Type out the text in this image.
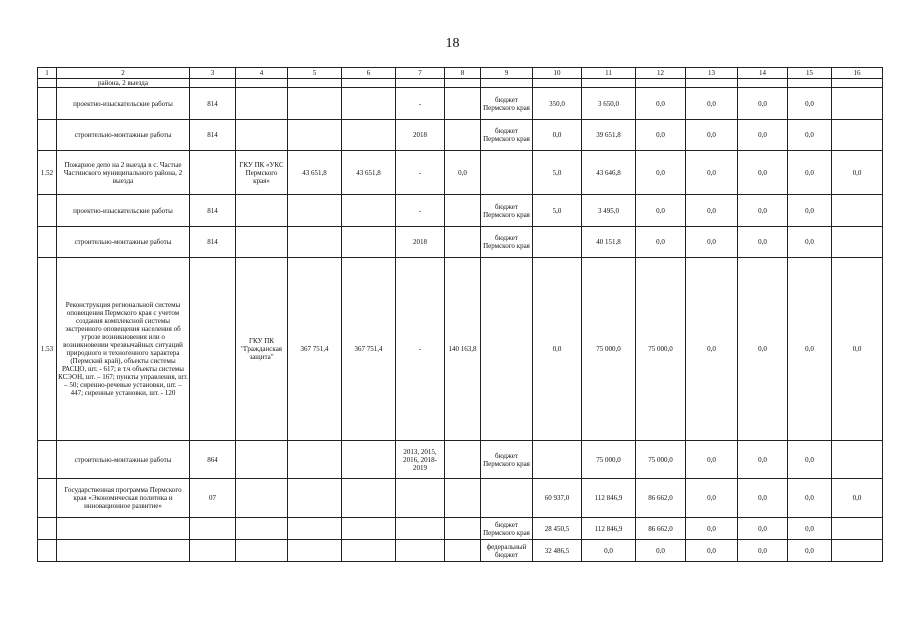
18
1	2	3	4	5	6	7	8	9	10	11	12	13	14	15	16
	района, 2 выезда														
	проектно-изыскательские работы	814				-		бюджет Пермского края	350,0	3 650,0	0,0	0,0	0,0	0,0	
	строительно-монтажные работы	814				2018		бюджет Пермского края	0,0	39 651,8	0,0	0,0	0,0	0,0	
1.52	Пожарное депо на 2 выезда в с. Частые Частинского муниципального района, 2 выезда		ГКУ ПК «УКС Пермского края»	43 651,8	43 651,8	-	0,0		5,0	43 646,8	0,0	0,0	0,0	0,0	0,0
	проектно-изыскательские работы	814				-		бюджет Пермского края	5,0	3 495,0	0,0	0,0	0,0	0,0	
	строительно-монтажные работы	814				2018		бюджет Пермского края		40 151,8	0,0	0,0	0,0	0,0	
1.53	Реконструкция региональной системы оповещения Пермского края с учетом создания комплексной системы экстренного оповещения населения об угрозе возникновения или о возникновении чрезвычайных ситуаций природного и техногенного характера (Пермский край), объекты системы РАСЦО, шт. - 617; в т.ч объекты системы КСЭОН, шт. – 167; пункты управления, шт. – 50; сиренно-речевые установки, шт. – 447; сиренные установки, шт. - 120		ГКУ ПК "Гражданская защита"	367 751,4	367 751,4	-	140 163,8		0,0	75 000,0	75 000,0	0,0	0,0	0,0	0,0
	строительно-монтажные работы	864				2013, 2015, 2016, 2018-2019		бюджет Пермского края		75 000,0	75 000,0	0,0	0,0	0,0	
	Государственная программа Пермского края «Экономическая политика и инновационное развитие»	07							60 937,0	112 846,9	86 662,0	0,0	0,0	0,0	0,0
								бюджет Пермского края	28 450,5	112 846,9	86 662,0	0,0	0,0	0,0	
								федеральный бюджет	32 486,5	0,0	0,0	0,0	0,0	0,0	
